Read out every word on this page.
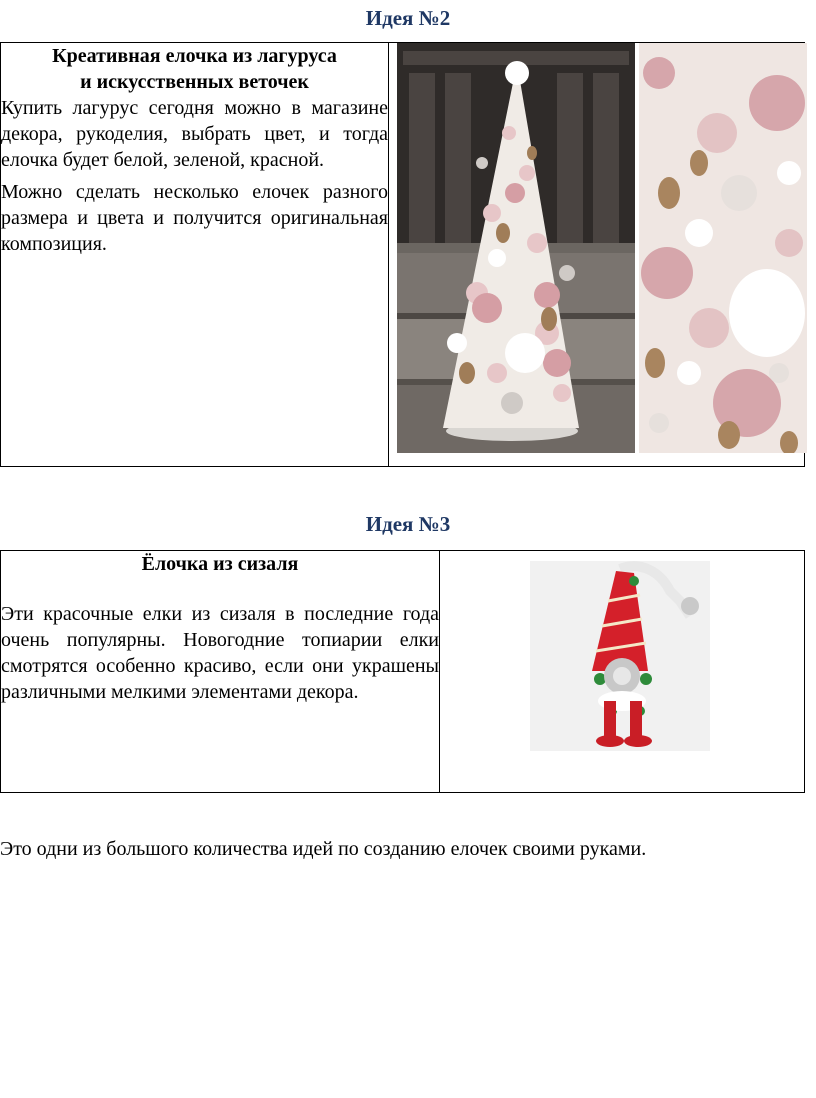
Идея №2
Креативная елочка из лагуруса
и искусственных веточек

Купить лагурус сегодня можно в магазине декора, рукоделия, выбрать цвет, и тогда елочка будет белой, зеленой, красной.

Можно сделать несколько елочек разного размера и цвета и получится оригинальная композиция.

Идея №3
Ёлочка из сизаля

Эти красочные елки из сизаля в последние года очень популярны. Новогодние топиарии елки смотрятся особенно красиво, если они украшены различными мелкими элементами декора.

Это одни из большого количества идей по созданию елочек своими руками.
